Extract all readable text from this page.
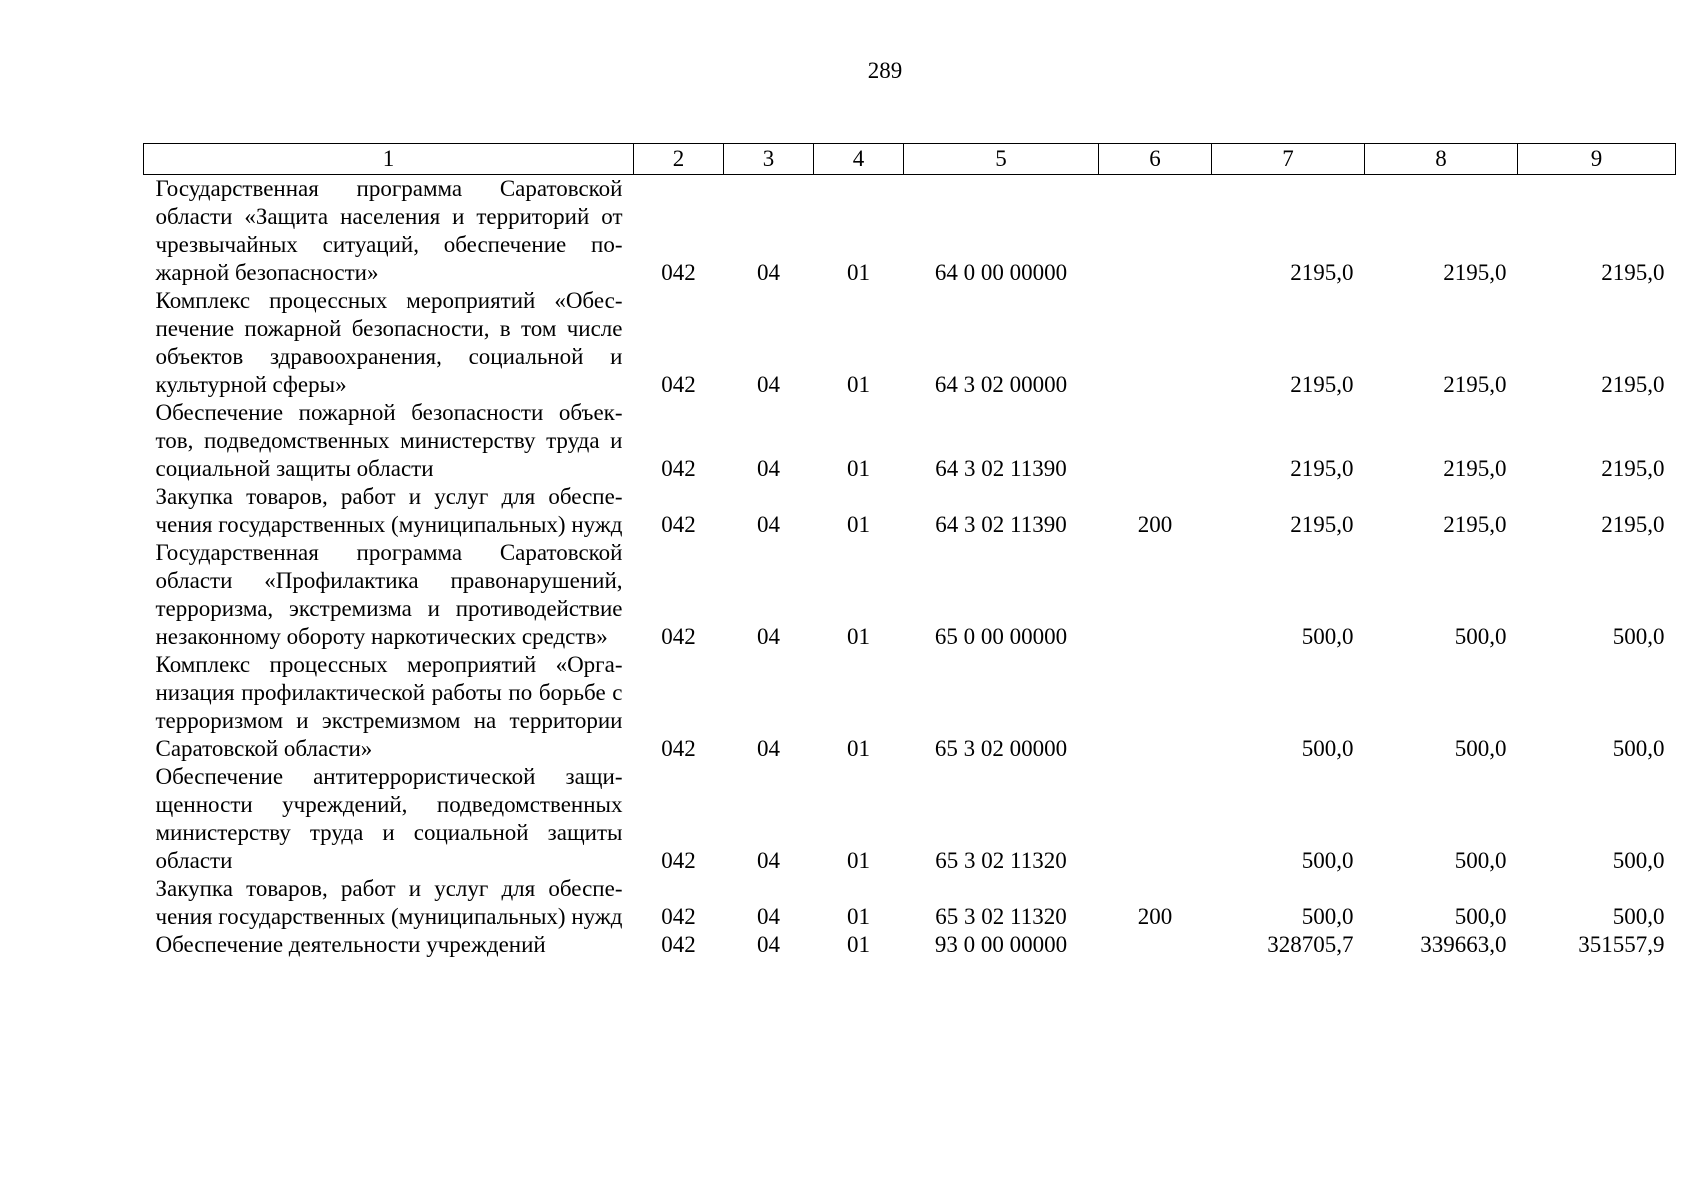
289
1	2	3	4	5	6	7	8	9
Государственная программа Саратовской области «Защита населения и территорий от чрезвычайных ситуаций, обеспечение пожарной безопасности»	042	04	01	64 0 00 00000		2195,0	2195,0	2195,0
Комплекс процессных мероприятий «Обеспечение пожарной безопасности, в том числе объектов здравоохранения, социальной и культурной сферы»	042	04	01	64 3 02 00000		2195,0	2195,0	2195,0
Обеспечение пожарной безопасности объектов, подведомственных министерству труда и социальной защиты области	042	04	01	64 3 02 11390		2195,0	2195,0	2195,0
Закупка товаров, работ и услуг для обеспечения государственных (муниципальных) нужд	042	04	01	64 3 02 11390	200	2195,0	2195,0	2195,0
Государственная программа Саратовской области «Профилактика правонарушений, терроризма, экстремизма и противодействие незаконному обороту наркотических средств»	042	04	01	65 0 00 00000		500,0	500,0	500,0
Комплекс процессных мероприятий «Организация профилактической работы по борьбе с терроризмом и экстремизмом на территории Саратовской области»	042	04	01	65 3 02 00000		500,0	500,0	500,0
Обеспечение антитеррористической защищенности учреждений, подведомственных министерству труда и социальной защиты области	042	04	01	65 3 02 11320		500,0	500,0	500,0
Закупка товаров, работ и услуг для обеспечения государственных (муниципальных) нужд	042	04	01	65 3 02 11320	200	500,0	500,0	500,0
Обеспечение деятельности учреждений	042	04	01	93 0 00 00000		328705,7	339663,0	351557,9
